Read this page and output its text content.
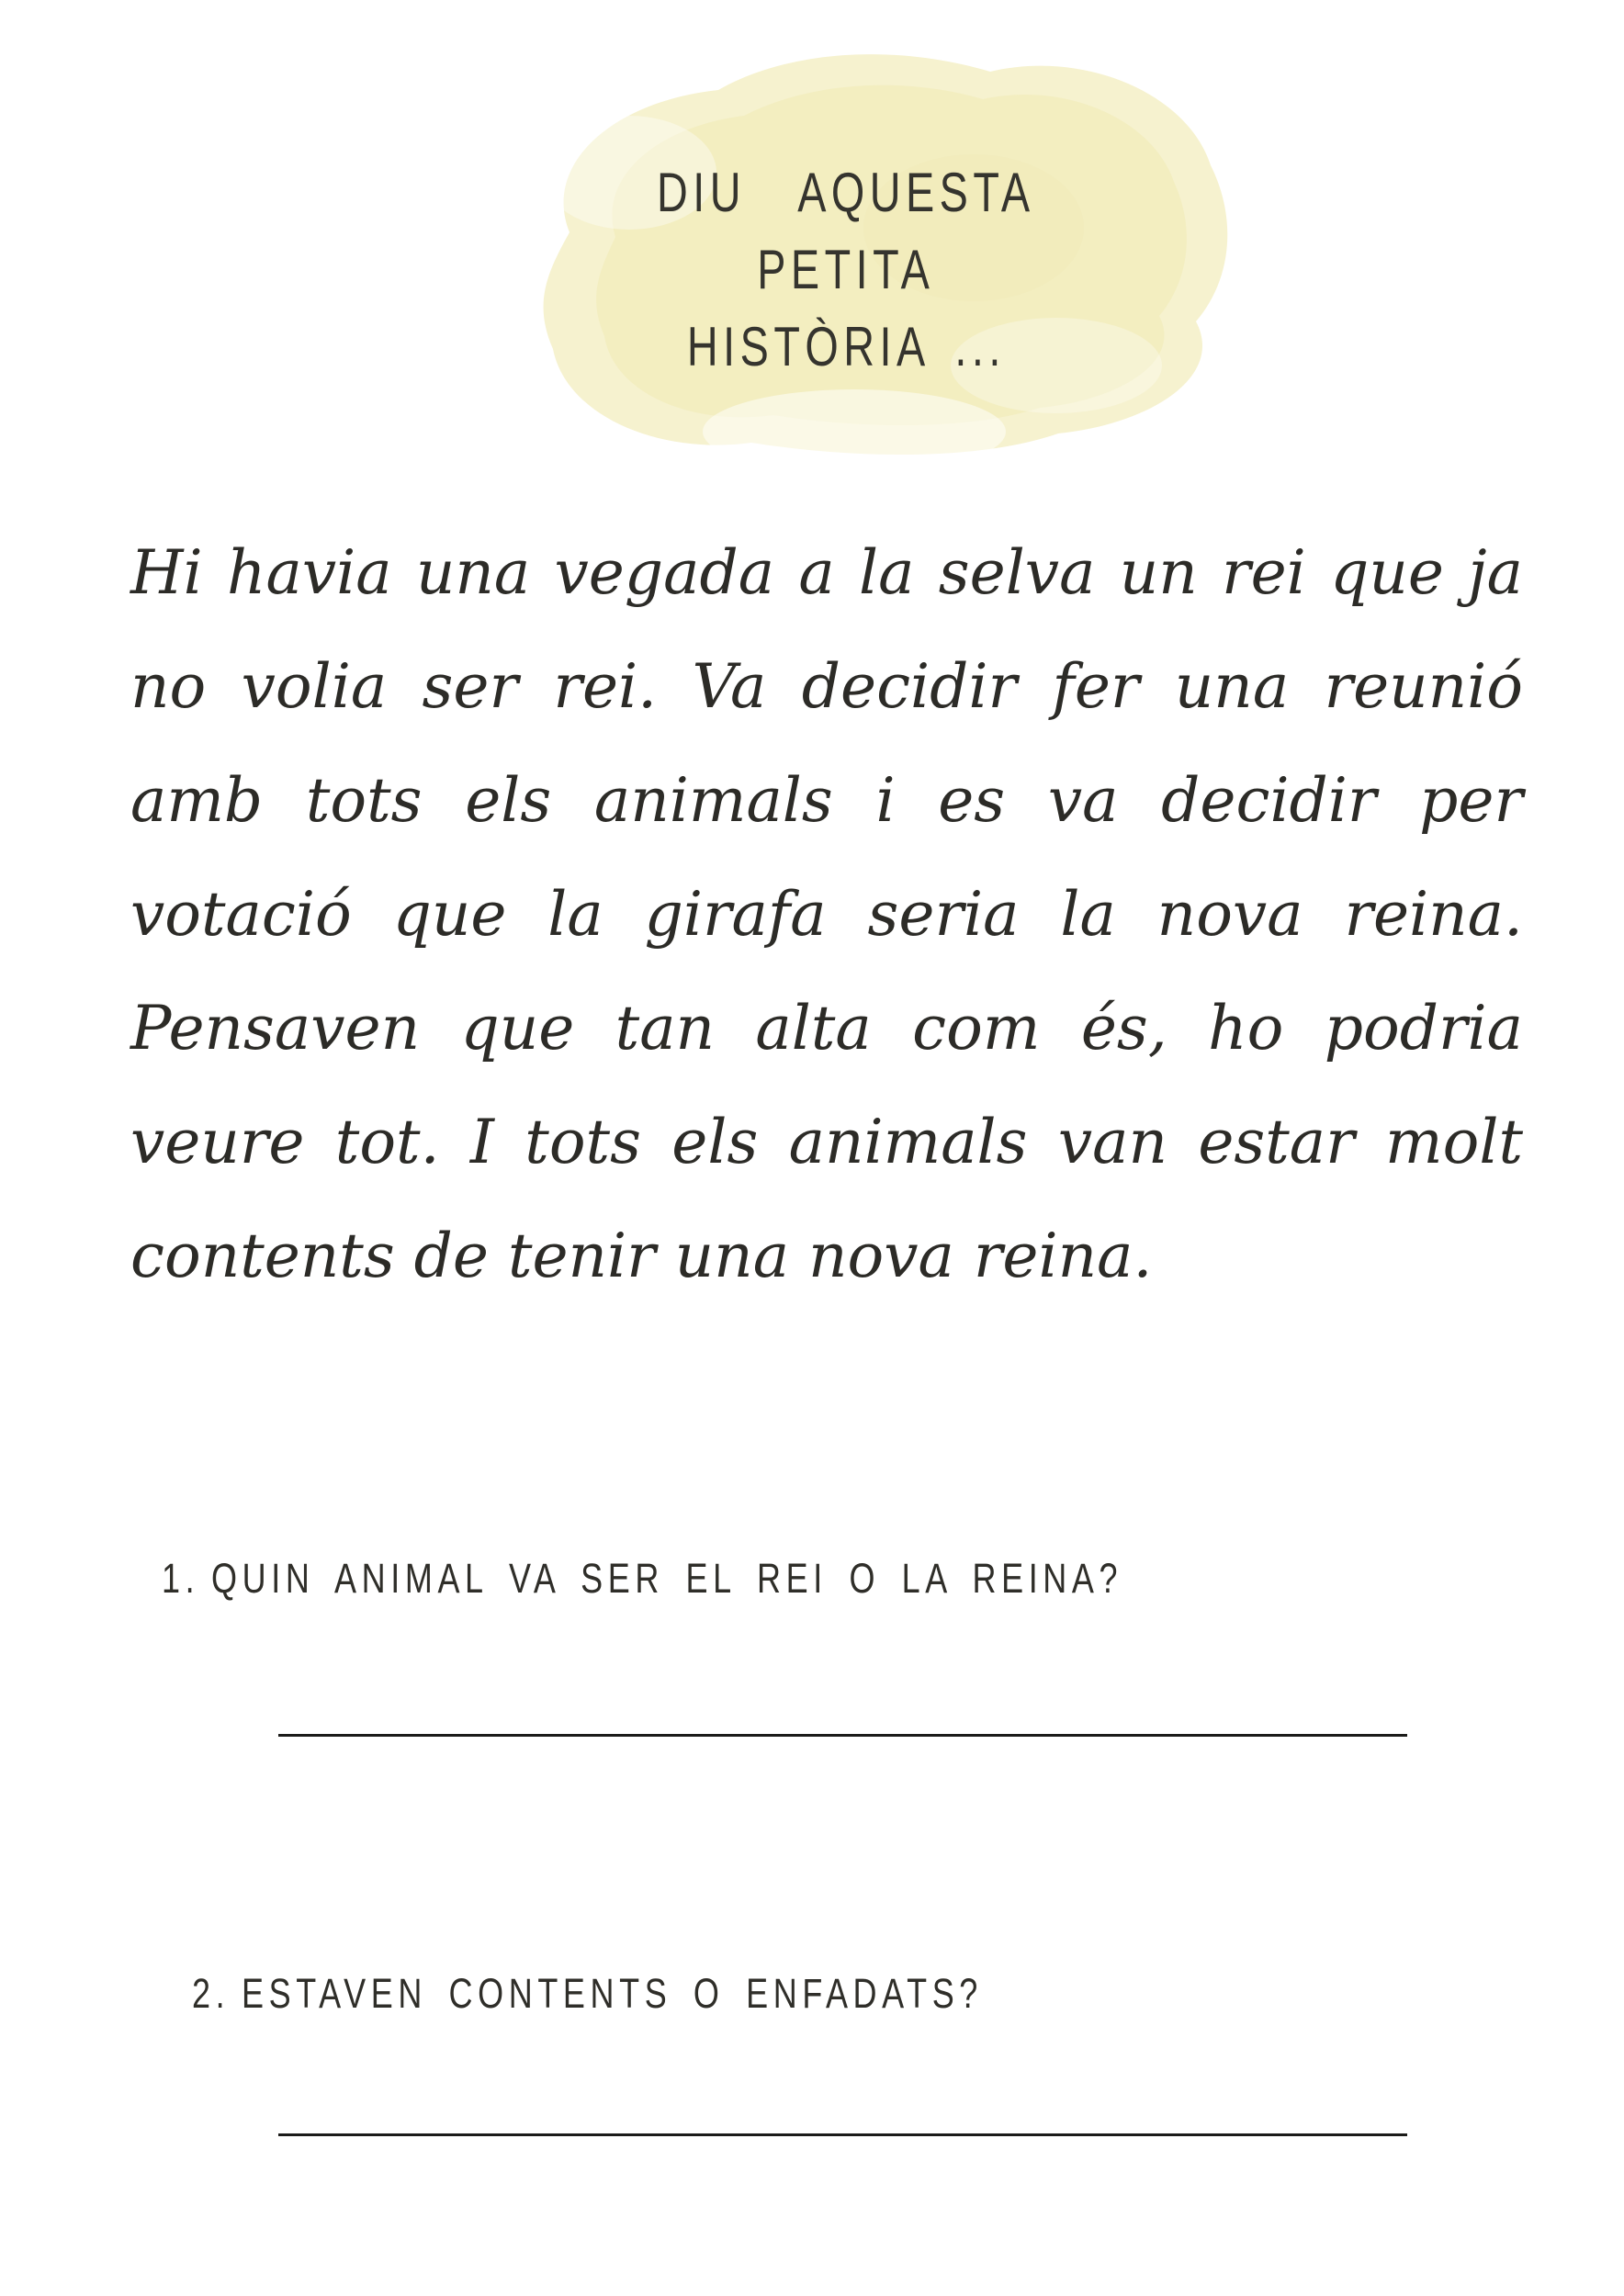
DIU  AQUESTA
PETITA
HISTÒRIA ...
Hi havia una vegada a la selva un rei que ja
no volia ser rei. Va decidir fer una reunió
amb tots els animals i es va decidir per
votació que la girafa seria la nova reina.
Pensaven que tan alta com és, ho podria
veure tot. I tots els animals van estar molt
contents de tenir una nova reina.

1. QUIN ANIMAL VA SER EL REI O LA REINA?

2. ESTAVEN CONTENTS O ENFADATS?
